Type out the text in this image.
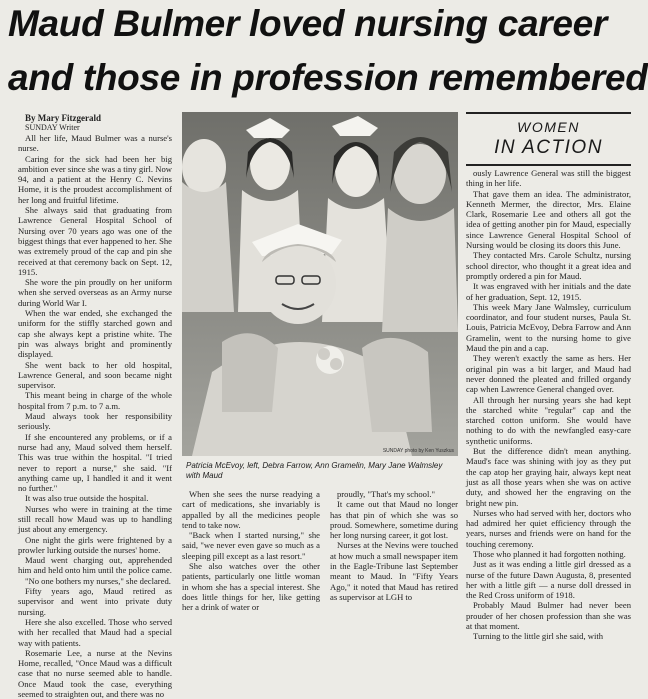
Maud Bulmer loved nursing career
and those in profession remembered

By Mary Fitzgerald

SUNDAY Writer

All her life, Maud Bulmer was a nurse's nurse.

Caring for the sick had been her big ambition ever since she was a tiny girl. Now 94, and a patient at the Henry C. Nevins Home, it is the proudest accomplishment of her long and fruitful lifetime.

She always said that graduating from Lawrence General Hospital School of Nursing over 70 years ago was one of the biggest things that ever happened to her. She was extremely proud of the cap and pin she received at that ceremony back on Sept. 12, 1915.

She wore the pin proudly on her uniform when she served overseas as an Army nurse during World War I.

When the war ended, she exchanged the uniform for the stiffly starched gown and cap she always kept a pristine white. The pin was always bright and prominently displayed.

She went back to her old hospital, Lawrence General, and soon became night supervisor.

This meant being in charge of the whole hospital from 7 p.m. to 7 a.m.

Maud always took her responsibility seriously.

If she encountered any problems, or if a nurse had any, Maud solved them herself. This was true within the hospital. "I tried never to report a nurse," she said. "If anything came up, I handled it and it went no further."

It was also true outside the hospital.

Nurses who were in training at the time still recall how Maud was up to handling just about any emergency.

One night the girls were frightened by a prowler lurking outside the nurses' home.

Maud went charging out, apprehended him and held onto him until the police came.

"No one bothers my nurses," she declared.

Fifty years ago, Maud retired as supervisor and went into private duty nursing.

Here she also excelled. Those who served with her recalled that Maud had a special way with patients.

Rosemarie Lee, a nurse at the Nevins Home, recalled, "Once Maud was a difficult case that no nurse seemed able to handle. Once Maud took the case, everything seemed to straighten out, and there was no

SUNDAY photo by Ken Yuszkus
Patricia McEvoy, left, Debra Farrow, Ann Gramelin, Mary Jane Walmsley with Maud

When she sees the nurse readying a cart of medications, she invariably is appalled by all the medicines people tend to take now.

"Back when I started nursing," she said, "we never even gave so much as a sleeping pill except as a last resort."

She also watches over the other patients, particularly one little woman in whom she has a special interest. She does little things for her, like getting her a drink of water or

proudly, "That's my school."

It came out that Maud no longer has that pin of which she was so proud. Somewhere, sometime during her long nursing career, it got lost.

Nurses at the Nevins were touched at how much a small newspaper item in the Eagle-Tribune last September meant to Maud. In "Fifty Years Ago," it noted that Maud has retired as supervisor at LGH to

WOMEN
IN ACTION

ously Lawrence General was still the biggest thing in her life.

That gave them an idea. The administrator, Kenneth Mermer, the director, Mrs. Elaine Clark, Rosemarie Lee and others all got the idea of getting another pin for Maud, especially since Lawrence General Hospital School of Nursing would be closing its doors this June.

They contacted Mrs. Carole Schultz, nursing school director, who thought it a great idea and promptly ordered a pin for Maud.

It was engraved with her initials and the date of her graduation, Sept. 12, 1915.

This week Mary Jane Walmsley, curriculum coordinator, and four student nurses, Paula St. Louis, Patricia McEvoy, Debra Farrow and Ann Gramelin, went to the nursing home to give Maud the pin and a cap.

They weren't exactly the same as hers. Her original pin was a bit larger, and Maud had never donned the pleated and frilled organdy cap when Lawrence General changed over.

All through her nursing years she had kept the starched white "regular" cap and the starched cotton uniform. She would have nothing to do with the newfangled easy-care synthetic uniforms.

But the difference didn't mean anything. Maud's face was shining with joy as they put the cap atop her graying hair, always kept neat just as all those years when she was on active duty, and showed her the engraving on the bright new pin.

Nurses who had served with her, doctors who had admired her quiet efficiency through the years, nurses and friends were on hand for the touching ceremony.

Those who planned it had forgotten nothing.

Just as it was ending a little girl dressed as a nurse of the future Dawn Augusta, 8, presented her with a little gift — a nurse doll dressed in the Red Cross uniform of 1918.

Probably Maud Bulmer had never been prouder of her chosen profession than she was at that moment.

Turning to the little girl she said, with
